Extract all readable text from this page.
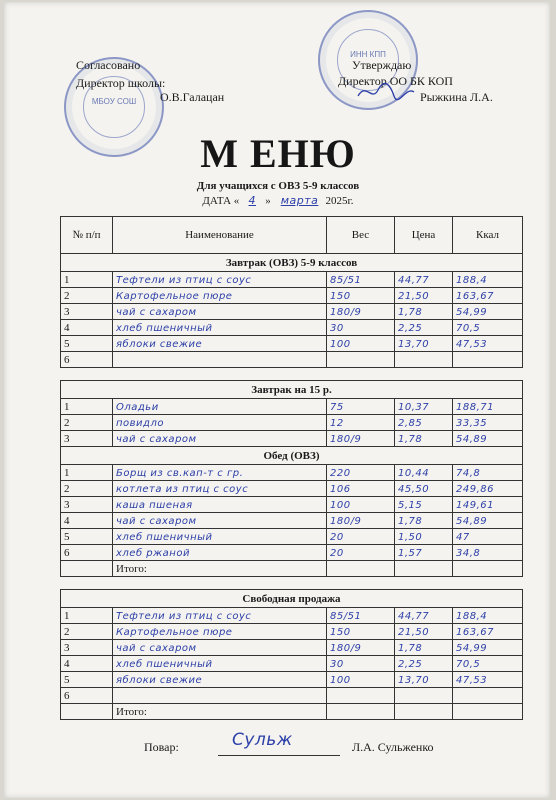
МБОУ СОШ
ИНН КПП
Согласовано
Директор школы:
О.В.Галацан
Утверждаю
Директор ОО БК КОП
Рыжкина Л.А.
М ЕНЮ
Для учащихся с ОВЗ 5-9 классов
ДАТА « 4 » марта 2025г.
№ п/п	Наименование	Вес	Цена	Ккал
Завтрак (ОВЗ) 5-9 классов				
1	Тефтели из птиц с соус	85/51	44,77	188,4
2	Картофельное пюре	150	21,50	163,67
3	чай с сахаром	180/9	1,78	54,99
4	хлеб пшеничный	30	2,25	70,5
5	яблоки свежие	100	13,70	47,53
6				

Завтрак на 15 р.				
1	Оладьи	75	10,37	188,71
2	повидло	12	2,85	33,35
3	чай с сахаром	180/9	1,78	54,89
Обед (ОВЗ)				
1	Борщ из св.кап-т с гр.	220	10,44	74,8
2	котлета из птиц с соус	106	45,50	249,86
3	каша пшеная	100	5,15	149,61
4	чай с сахаром	180/9	1,78	54,89
5	хлеб пшеничный	20	1,50	47
6	хлеб ржаной	20	1,57	34,8
	Итого:			

Свободная продажа				
1	Тефтели из птиц с соус	85/51	44,77	188,4
2	Картофельное пюре	150	21,50	163,67
3	чай с сахаром	180/9	1,78	54,99
4	хлеб пшеничный	30	2,25	70,5
5	яблоки свежие	100	13,70	47,53
6				
	Итого:			
Повар:	Сульж	Л.А. Сульженко
